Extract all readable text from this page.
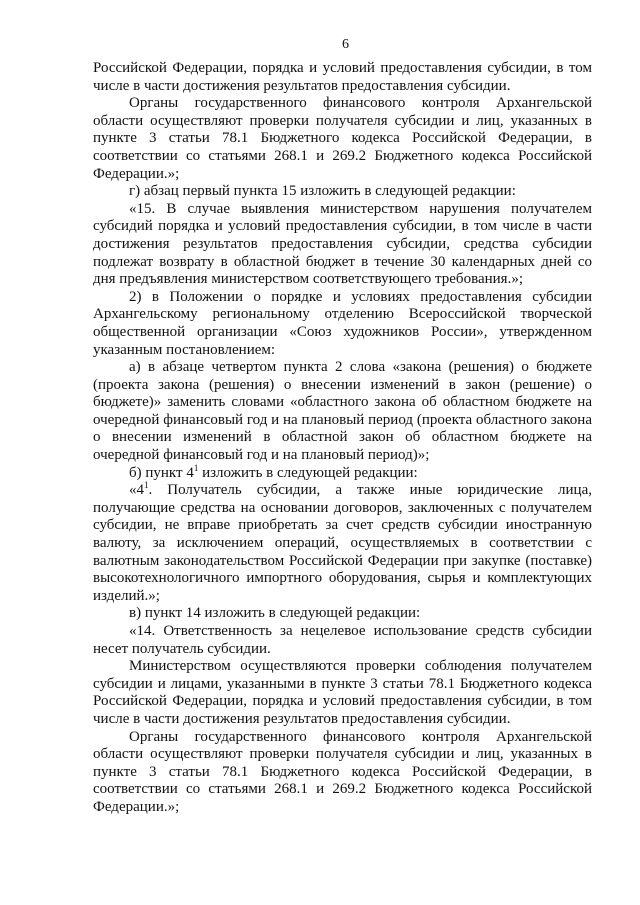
6

Российской Федерации, порядка и условий предоставления субсидии, в том числе в части достижения результатов предоставления субсидии.

Органы государственного финансового контроля Архангельской области осуществляют проверки получателя субсидии и лиц, указанных в пункте 3 статьи 78.1 Бюджетного кодекса Российской Федерации, в соответствии со статьями 268.1 и 269.2 Бюджетного кодекса Российской Федерации.»;

г) абзац первый пункта 15 изложить в следующей редакции:

«15. В случае выявления министерством нарушения получателем субсидий порядка и условий предоставления субсидии, в том числе в части достижения результатов предоставления субсидии, средства субсидии подлежат возврату в областной бюджет в течение 30 календарных дней со дня предъявления министерством соответствующего требования.»;

2) в Положении о порядке и условиях предоставления субсидии Архангельскому региональному отделению Всероссийской творческой общественной организации «Союз художников России», утвержденном указанным постановлением:

а) в абзаце четвертом пункта 2 слова «закона (решения) о бюджете (проекта закона (решения) о внесении изменений в закон (решение) о бюджете)» заменить словами «областного закона об областном бюджете на очередной финансовый год и на плановый период (проекта областного закона о внесении изменений в областной закон об областном бюджете на очередной финансовый год и на плановый период)»;

б) пункт $4^1$ изложить в следующей редакции:

«$4^1$. Получатель субсидии, а также иные юридические лица, получающие средства на основании договоров, заключенных с получателем субсидии, не вправе приобретать за счет средств субсидии иностранную валюту, за исключением операций, осуществляемых в соответствии с валютным законодательством Российской Федерации при закупке (поставке) высокотехнологичного импортного оборудования, сырья и комплектующих изделий.»;

в) пункт 14 изложить в следующей редакции:

«14. Ответственность за нецелевое использование средств субсидии несет получатель субсидии.

Министерством осуществляются проверки соблюдения получателем субсидии и лицами, указанными в пункте 3 статьи 78.1 Бюджетного кодекса Российской Федерации, порядка и условий предоставления субсидии, в том числе в части достижения результатов предоставления субсидии.

Органы государственного финансового контроля Архангельской области осуществляют проверки получателя субсидии и лиц, указанных в пункте 3 статьи 78.1 Бюджетного кодекса Российской Федерации, в соответствии со статьями 268.1 и 269.2 Бюджетного кодекса Российской Федерации.»;
